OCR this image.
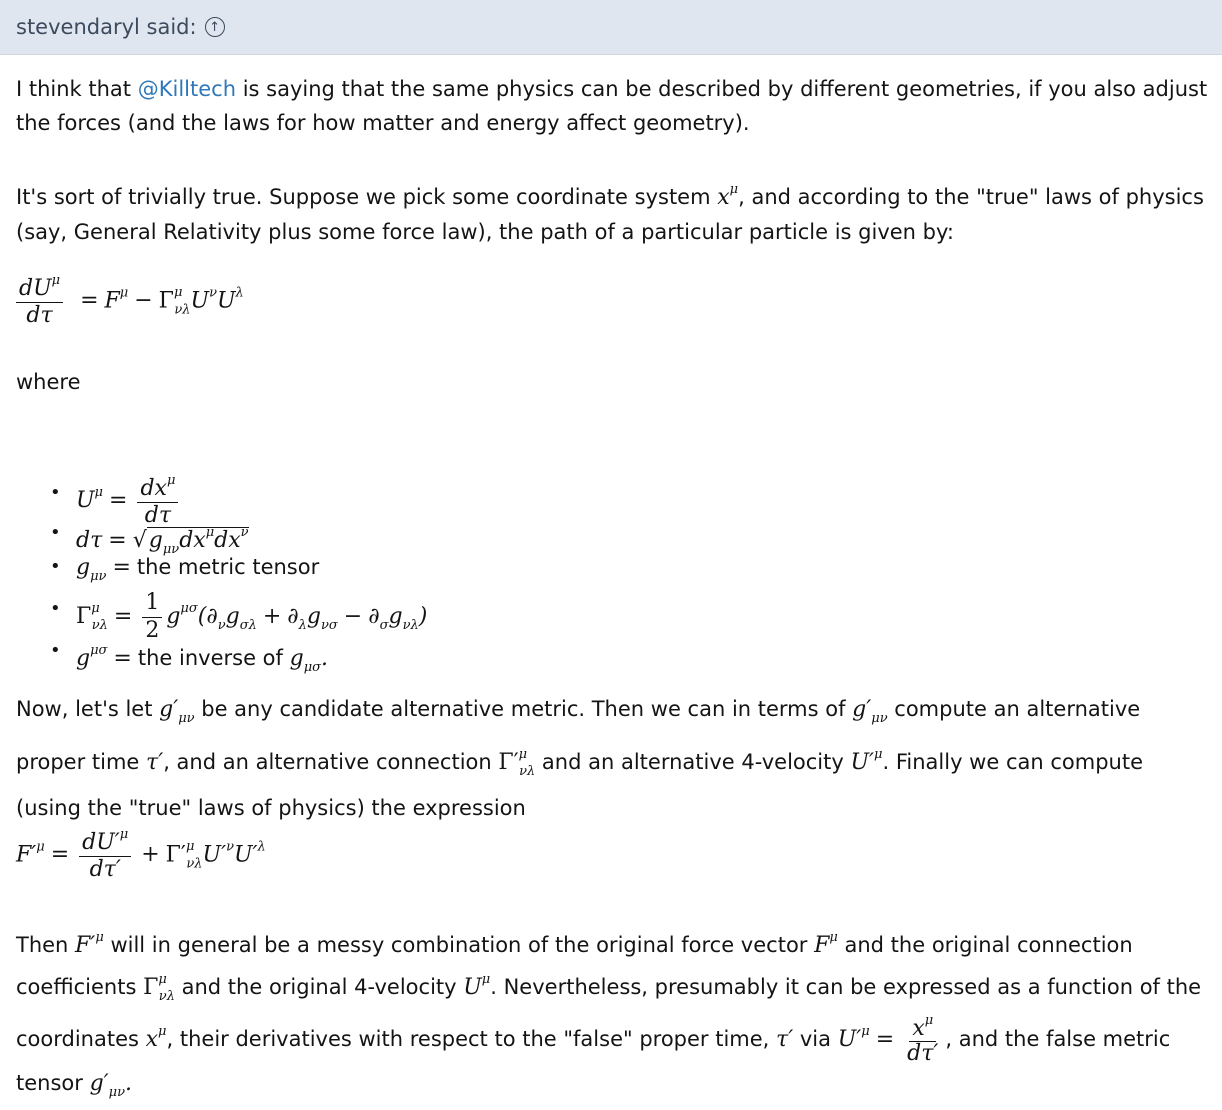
stevendaryl said: ↑
I think that @Killtech is saying that the same physics can be described by different geometries, if you also adjust the forces (and the laws for how matter and energy affect geometry).
It's sort of trivially true. Suppose we pick some coordinate system $x^\mu$, and according to the "true" laws of physics (say, General Relativity plus some force law), the path of a particular particle is given by:
$\frac{dU^\mu}{d\tau} = F^\mu - \Gamma^\mu_{\nu\lambda}U^\nu U^\lambda$
where
• $U^\mu = \frac{dx^\mu}{d\tau}$
• $d\tau = √g_{\mu\nu}dx^\mu dx^\nu$
• $g_{\mu\nu}$ = the metric tensor
• $\Gamma^\mu_{\nu\lambda} = \frac{1}{2} g^{\mu\sigma}(\partial_\nu g_{\sigma\lambda} + \partial_\lambda g_{\nu\sigma} - \partial_\sigma g_{\nu\lambda})$
• $g^{\mu\sigma}$ = the inverse of $g_{\mu\sigma}$.
Now, let's let $g'_{\mu\nu}$ be any candidate alternative metric. Then we can in terms of $g'_{\mu\nu}$ compute an alternative proper time τ′, and an alternative connection $\Gamma'^\mu_{\nu\lambda}$ and an alternative 4-velocity $U'^\mu$. Finally we can compute (using the "true" laws of physics) the expression
$F'^\mu = \frac{dU'^\mu}{d\tau'} + \Gamma'^\mu_{\nu\lambda}U'^\nu U'^\lambda$
Then $F'^\mu$ will in general be a messy combination of the original force vector $F^\mu$ and the original connection coefficients $\Gamma^\mu_{\nu\lambda}$ and the original 4-velocity $U^\mu$. Nevertheless, presumably it can be expressed as a function of the coordinates $x^\mu$, their derivatives with respect to the "false" proper time, τ′ via $U'^\mu = \frac{x^\mu}{d\tau'}$ , and the false metric tensor $g'_{\mu\nu}$.
